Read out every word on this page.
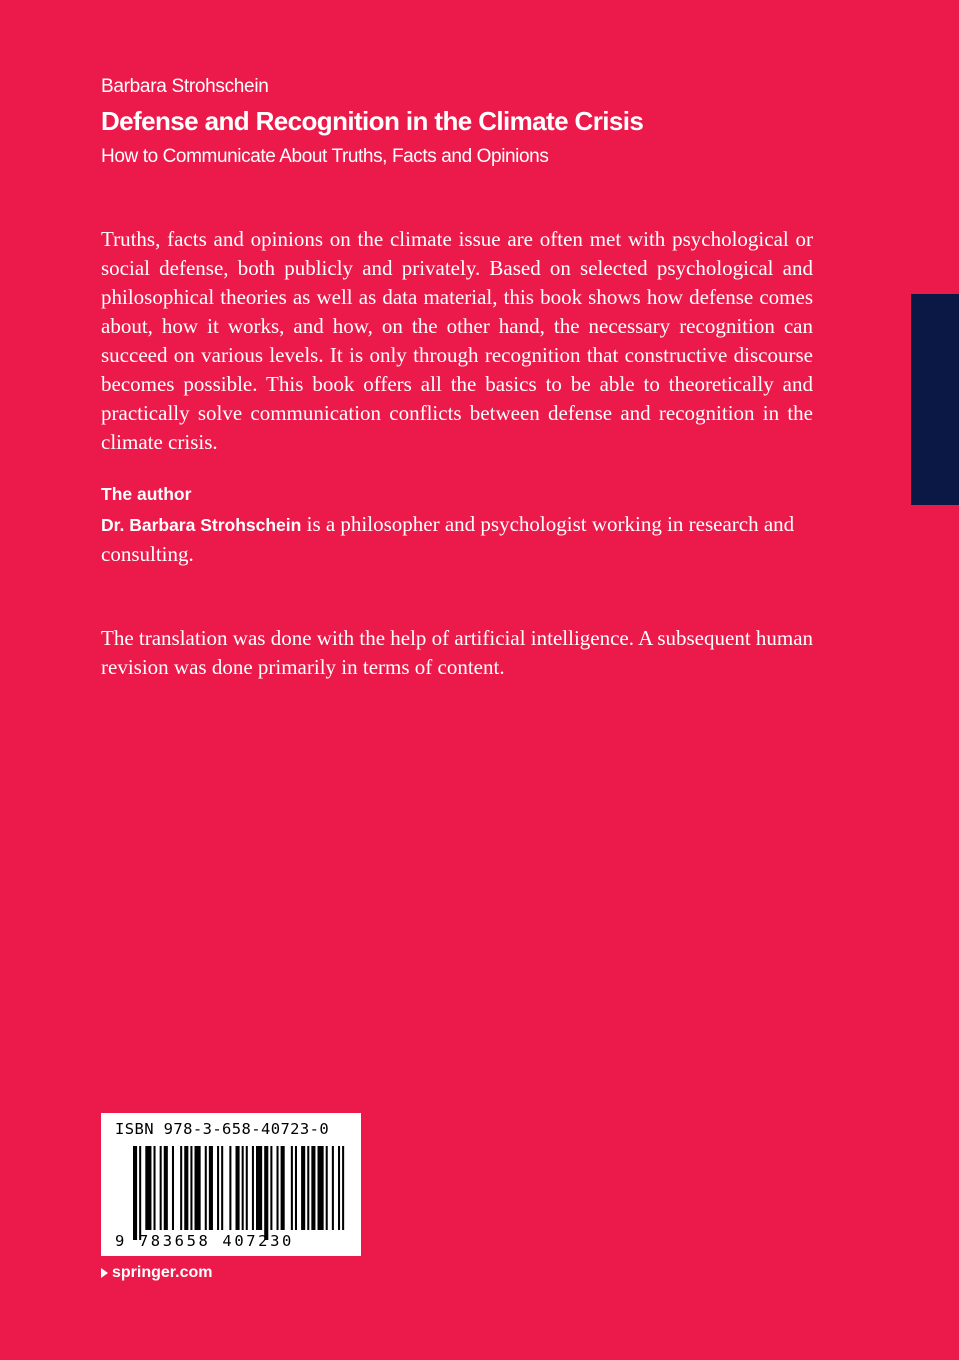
Barbara Strohschein
Defense and Recognition in the Climate Crisis
How to Communicate About Truths, Facts and Opinions

Truths, facts and opinions on the climate issue are often met with psychological or social defense, both publicly and privately. Based on selected psychological and philosophical theories as well as data material, this book shows how defense comes about, how it works, and how, on the other hand, the necessary recognition can succeed on various levels. It is only through recognition that constructive discourse becomes possible. This book offers all the basics to be able to theoretically and practically solve communication conflicts between defense and recognition in the climate crisis.

The author

Dr. Barbara Strohschein is a philosopher and psychologist working in research and consulting.

The translation was done with the help of artificial intelligence. A subsequent human revision was done primarily in terms of content.

ISBN 978-3-658-40723-0
9 783658 407230
springer.com
